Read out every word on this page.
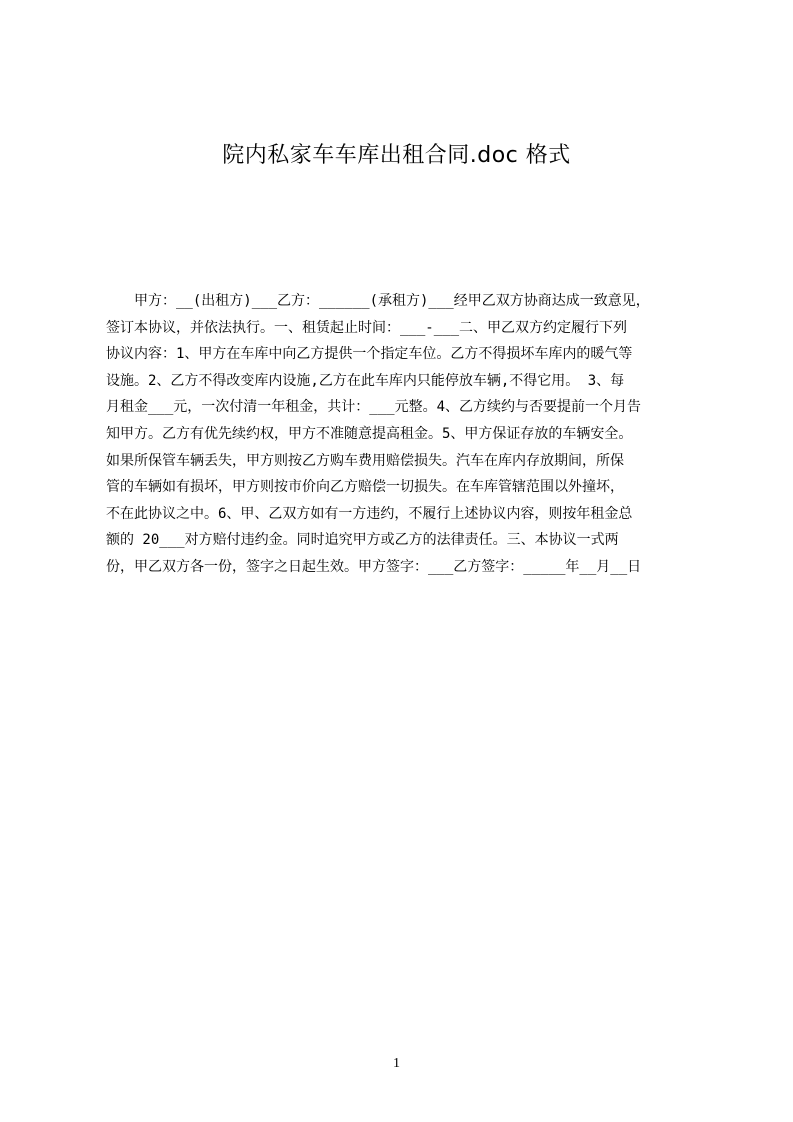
院内私家车车库出租合同.doc 格式
甲方：__(出租方)___乙方：______(承租方)___经甲乙双方协商达成一致意见，
签订本协议，并依法执行。一、租赁起止时间：___-___二、甲乙双方约定履行下列
协议内容：1、甲方在车库中向乙方提供一个指定车位。乙方不得损坏车库内的暖气等
设施。2、乙方不得改变库内设施,乙方在此车库内只能停放车辆,不得它用。 3、每
月租金___元，一次付清一年租金，共计：___元整。4、乙方续约与否要提前一个月告
知甲方。乙方有优先续约权，甲方不准随意提高租金。5、甲方保证存放的车辆安全。
如果所保管车辆丢失，甲方则按乙方购车费用赔偿损失。汽车在库内存放期间，所保
管的车辆如有损坏，甲方则按市价向乙方赔偿一切损失。在车库管辖范围以外撞坏，
不在此协议之中。6、甲、乙双方如有一方违约，不履行上述协议内容，则按年租金总
额的 20___对方赔付违约金。同时追究甲方或乙方的法律责任。三、本协议一式两
份，甲乙双方各一份，签字之日起生效。甲方签字：___乙方签字：_____年__月__日
1
